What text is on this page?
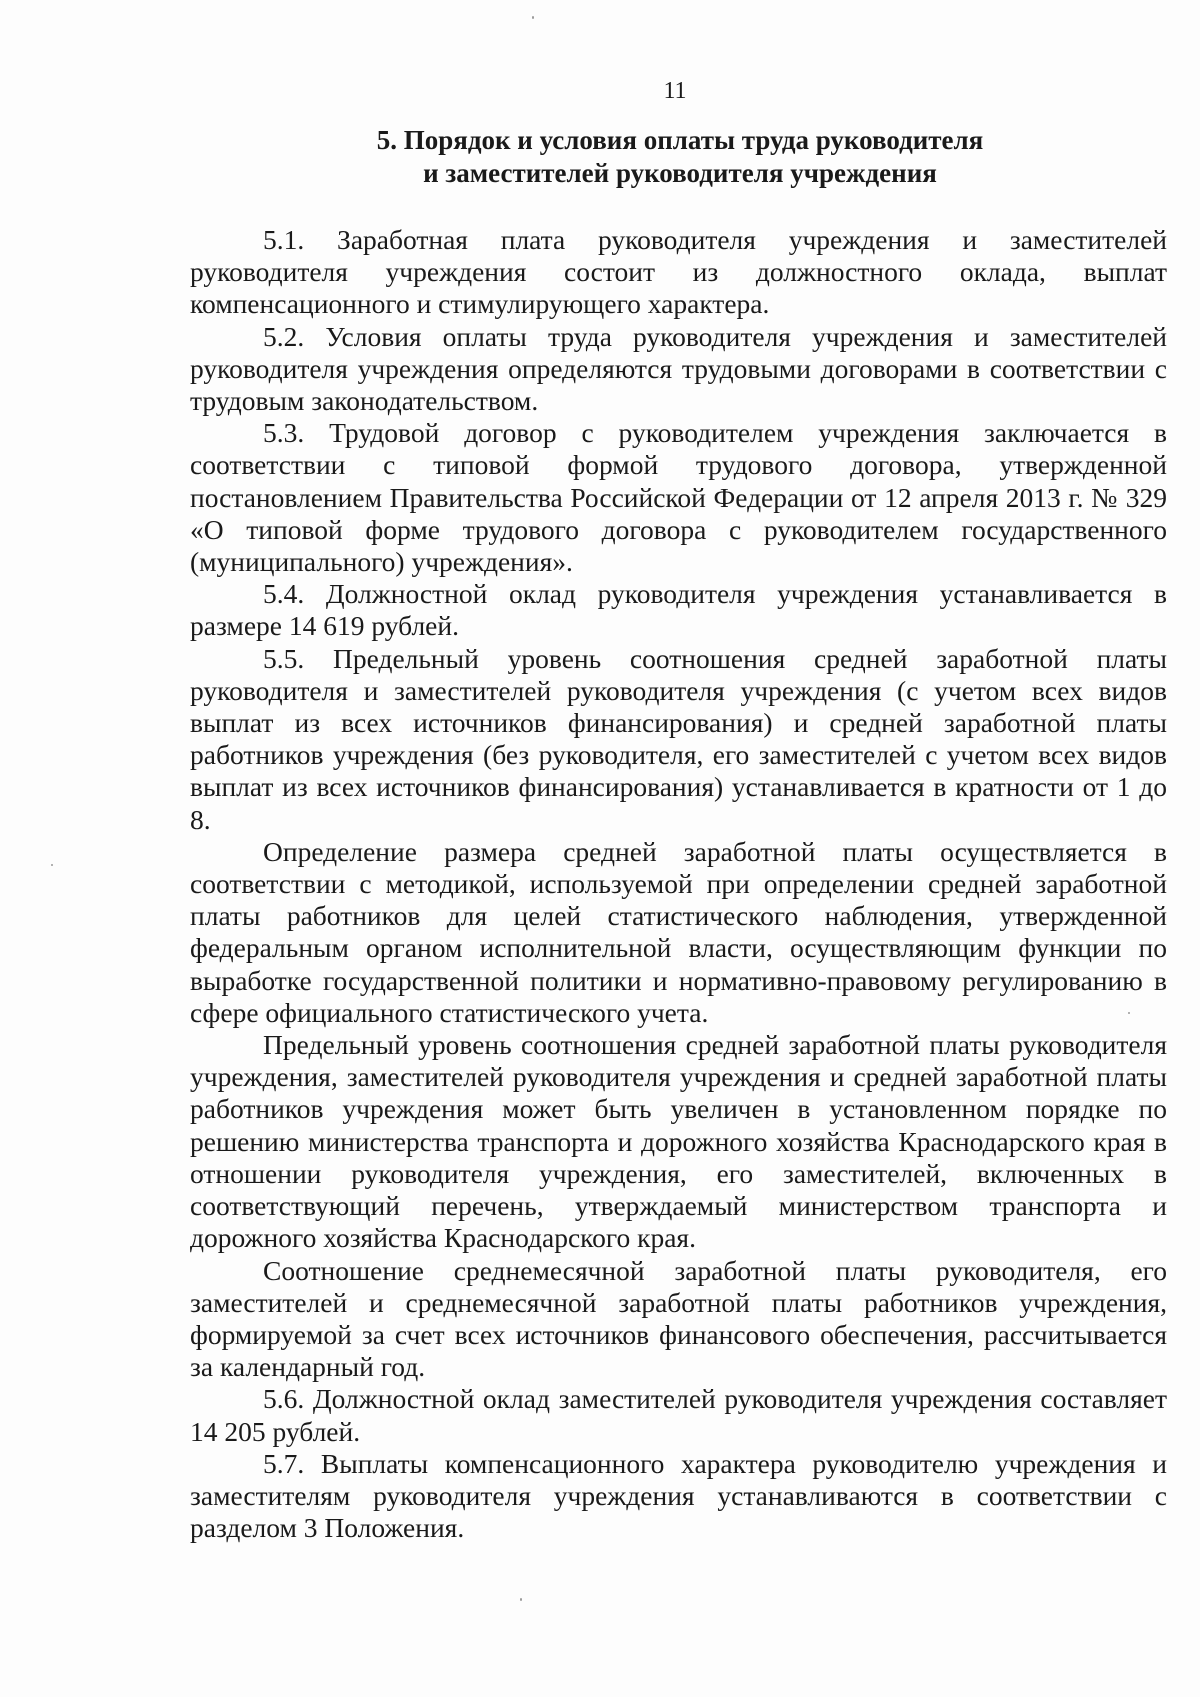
11
5. Порядок и условия оплаты труда руководителя
и заместителей руководителя учреждения

5.1. Заработная плата руководителя учреждения и заместителей руководителя учреждения состоит из должностного оклада, выплат компенсационного и стимулирующего характера.

5.2. Условия оплаты труда руководителя учреждения и заместителей руководителя учреждения определяются трудовыми договорами в соответствии с трудовым законодательством.

5.3. Трудовой договор с руководителем учреждения заключается в соответствии с типовой формой трудового договора, утвержденной постановлением Правительства Российской Федерации от 12 апреля 2013 г. № 329 «О типовой форме трудового договора с руководителем государственного (муниципального) учреждения».

5.4. Должностной оклад руководителя учреждения устанавливается в размере 14 619 рублей.

5.5. Предельный уровень соотношения средней заработной платы руководителя и заместителей руководителя учреждения (с учетом всех видов выплат из всех источников финансирования) и средней заработной платы работников учреждения (без руководителя, его заместителей с учетом всех видов выплат из всех источников финансирования) устанавливается в кратности от 1 до 8.

Определение размера средней заработной платы осуществляется в соответствии с методикой, используемой при определении средней заработной платы работников для целей статистического наблюдения, утвержденной федеральным органом исполнительной власти, осуществляющим функции по выработке государственной политики и нормативно-правовому регулированию в сфере официального статистического учета.

Предельный уровень соотношения средней заработной платы руководителя учреждения, заместителей руководителя учреждения и средней заработной платы работников учреждения может быть увеличен в установленном порядке по решению министерства транспорта и дорожного хозяйства Краснодарского края в отношении руководителя учреждения, его заместителей, включенных в соответствующий перечень, утверждаемый министерством транспорта и дорожного хозяйства Краснодарского края.

Соотношение среднемесячной заработной платы руководителя, его заместителей и среднемесячной заработной платы работников учреждения, формируемой за счет всех источников финансового обеспечения, рассчитывается за календарный год.

5.6. Должностной оклад заместителей руководителя учреждения составляет 14 205 рублей.

5.7. Выплаты компенсационного характера руководителю учреждения и заместителям руководителя учреждения устанавливаются в соответствии с разделом 3 Положения.
